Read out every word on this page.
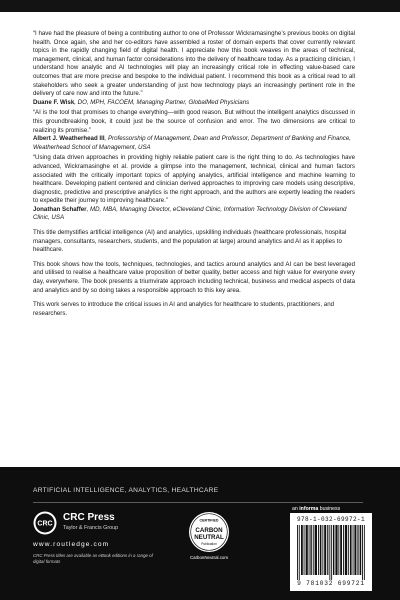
“I have had the pleasure of being a contributing author to one of Professor Wickramasinghe’s previous books on digital health. Once again, she and her co-editors have assembled a roster of domain experts that cover currently relevant topics in the rapidly changing field of digital health. I appreciate how this book weaves in the areas of technical, management, clinical, and human factor considerations into the delivery of healthcare today. As a practicing clinician, I understand how analytic and AI technologies will play an increasingly critical role in effecting value-based care outcomes that are more precise and bespoke to the individual patient. I recommend this book as a critical read to all stakeholders who seek a greater understanding of just how technology plays an increasingly pertinent role in the delivery of care now and into the future.”

Duane F. Wisk, DO, MPH, FACOEM, Managing Partner, GlobalMed Physicians

“AI is the tool that promises to change everything—with good reason. But without the intelligent analytics discussed in this groundbreaking book, it could just be the source of confusion and error. The two dimensions are critical to realizing its promise.”

Albert J. Weatherhead III, Professorship of Management, Dean and Professor, Department of Banking and Finance, Weatherhead School of Management, USA

“Using data driven approaches in providing highly reliable patient care is the right thing to do. As technologies have advanced, Wickramasinghe et al. provide a glimpse into the management, technical, clinical and human factors associated with the critically important topics of applying analytics, artificial intelligence and machine learning to healthcare. Developing patient centered and clinician derived approaches to improving care models using descriptive, diagnostic, predictive and prescriptive analytics is the right approach, and the authors are expertly leading the readers to expedite their journey to improving healthcare.”

Jonathan Schaffer, MD, MBA, Managing Director, eCleveland Clinic, Information Technology Division of Cleveland Clinic, USA

This title demystifies artificial intelligence (AI) and analytics, upskilling individuals (healthcare professionals, hospital managers, consultants, researchers, students, and the population at large) around analytics and AI as it applies to healthcare.

This book shows how the tools, techniques, technologies, and tactics around analytics and AI can be best leveraged and utilised to realise a healthcare value proposition of better quality, better access and high value for everyone every day, everywhere. The book presents a triumvirate approach including technical, business and medical aspects of data and analytics and by so doing takes a responsible approach to this key area.

This work serves to introduce the critical issues in AI and analytics for healthcare to students, practitioners, and researchers.

ARTIFICIAL INTELLIGENCE, ANALYTICS, HEALTHCARE
CRC
CRC Press
Taylor & Francis Group
www.routledge.com
CRC Press titles are available as eBook editions in a range of digital formats
CERTIFIED
CARBON
NEUTRAL
Publication
CarbonNeutral.com
an informa business
978-1-032-69972-1
9 781032 699721
